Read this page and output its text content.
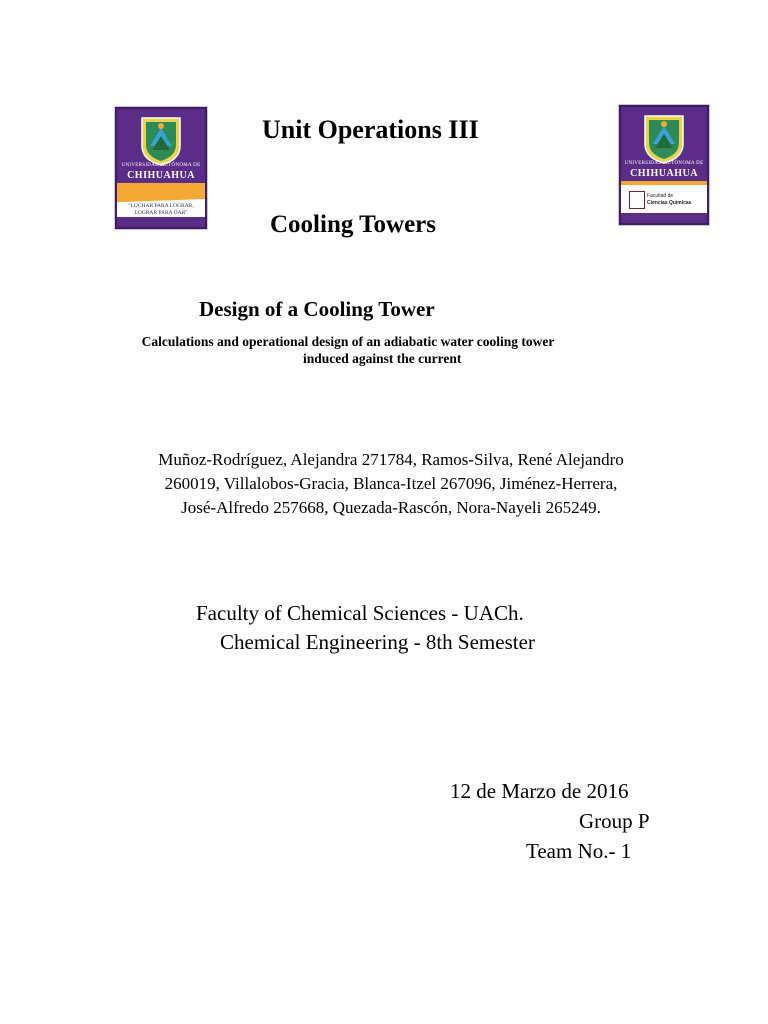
UNIVERSIDAD AUTÓNOMA DE
CHIHUAHUA
"LUCHAR PARA LOGRAR,
LOGRAR PARA DAR"
UNIVERSIDAD AUTÓNOMA DE
CHIHUAHUA
Facultad de
Ciencias Químicas
Unit Operations III
Cooling Towers
Design of a Cooling Tower
Calculations and operational design of an adiabatic water cooling tower
induced against the current
Muñoz-Rodríguez, Alejandra 271784, Ramos-Silva, René Alejandro
260019, Villalobos-Gracia, Blanca-Itzel 267096, Jiménez-Herrera,
José-Alfredo 257668, Quezada-Rascón, Nora-Nayeli 265249.
Faculty of Chemical Sciences - UACh.
Chemical Engineering - 8th Semester
12 de Marzo de 2016
Group P
Team No.- 1
